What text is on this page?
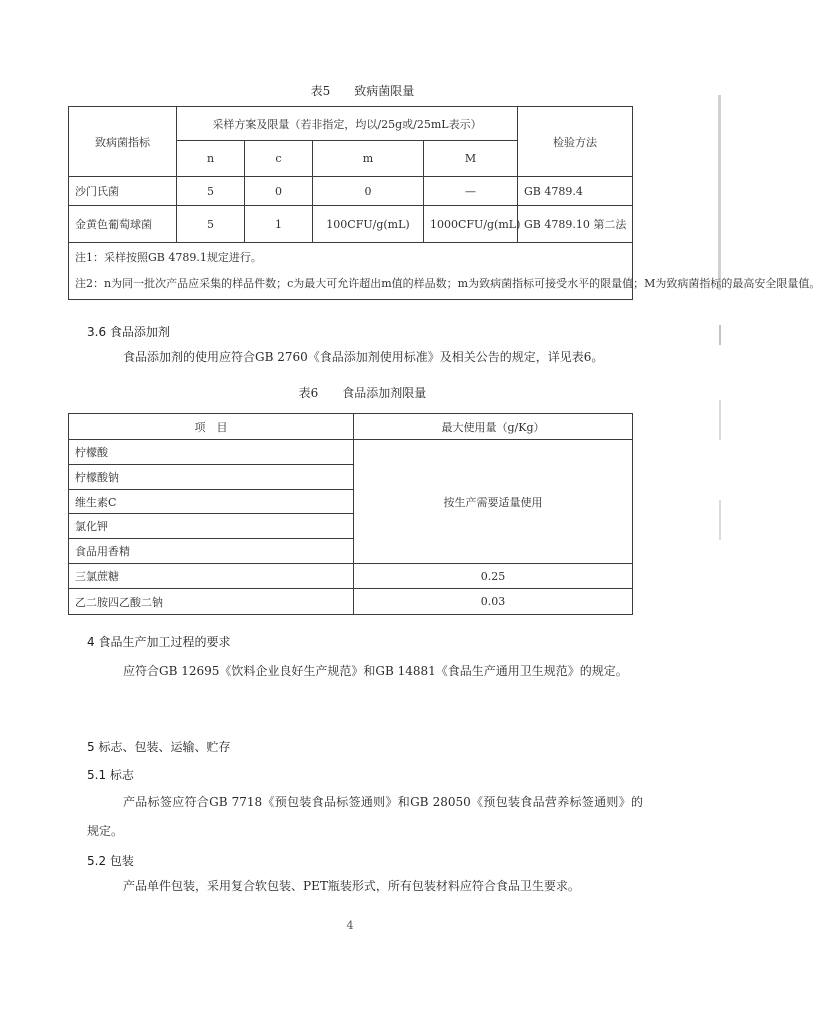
表5　　致病菌限量
致病菌指标	采样方案及限量（若非指定，均以/25g或/25mL表示）				检验方法
	n	c	m	M	
沙门氏菌	5	0	0	—	GB 4789.4
金黄色葡萄球菌	5	1	100CFU/g(mL)	1000CFU/g(mL)	GB 4789.10 第二法

注1：采样按照GB 4789.1规定进行。
注2：n为同一批次产品应采集的样品件数；c为最大可允许超出m值的样品数；m为致病菌指标可接受水平的限量值；M为致病菌指标的最高安全限量值。					
3.6 食品添加剂
食品添加剂的使用应符合GB 2760《食品添加剂使用标准》及相关公告的规定，详见表6。
表6　　食品添加剂限量
项　目	最大使用量（g/Kg）
柠檬酸	按生产需要适量使用
柠檬酸钠	
维生素C	
氯化钾	
食品用香精	
三氯蔗糖	0.25
乙二胺四乙酸二钠	0.03
4 食品生产加工过程的要求
应符合GB 12695《饮料企业良好生产规范》和GB 14881《食品生产通用卫生规范》的规定。
5 标志、包装、运输、贮存
5.1 标志
产品标签应符合GB 7718《预包装食品标签通则》和GB 28050《预包装食品营养标签通则》的规定。
5.2 包装
产品单件包装，采用复合软包装、PET瓶装形式，所有包装材料应符合食品卫生要求。
4
